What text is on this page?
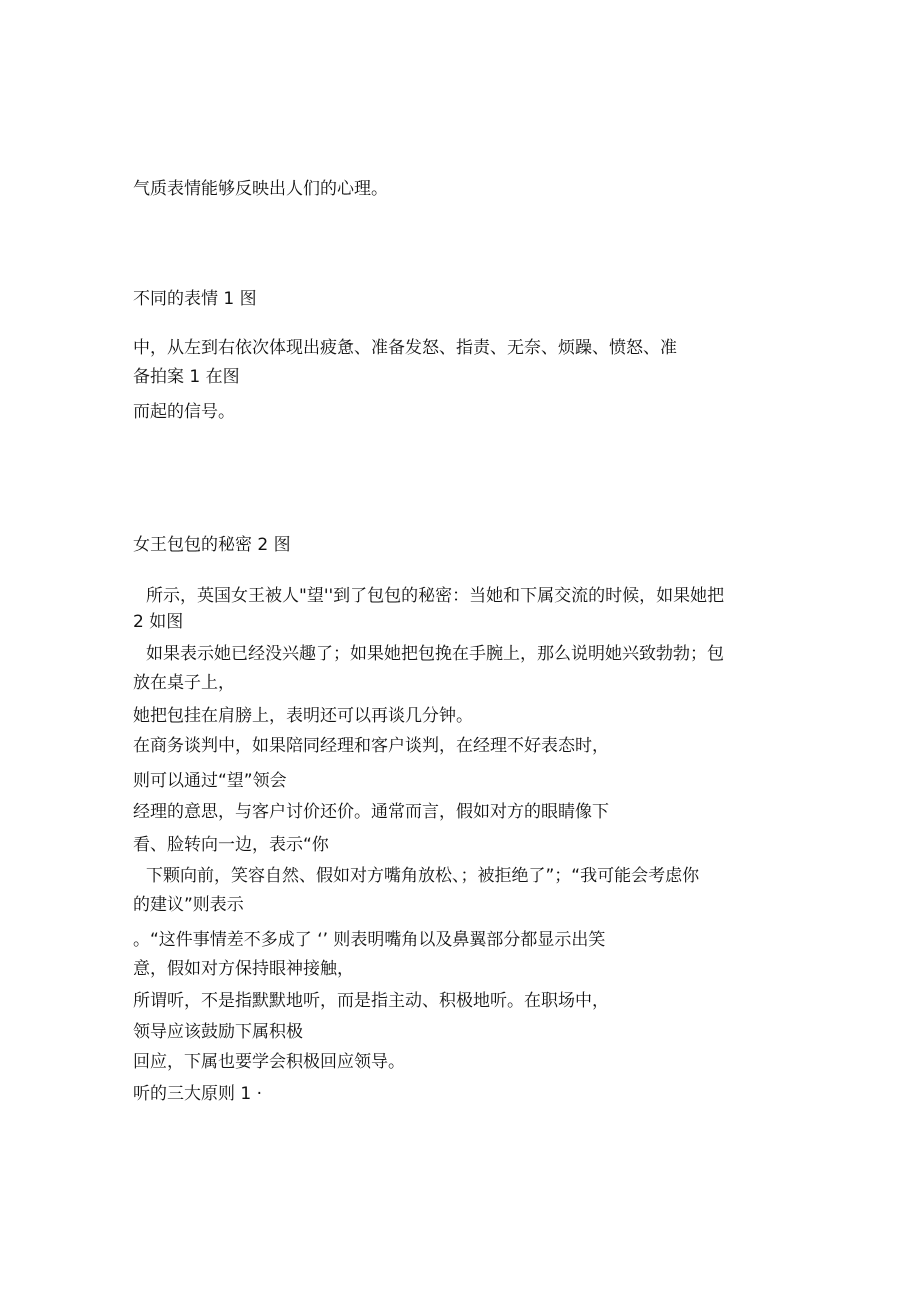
气质表情能够反映出人们的心理。

不同的表情 1 图

中，从左到右依次体现出疲惫、准备发怒、指责、无奈、烦躁、愤怒、准

备拍案 1 在图

而起的信号。

女王包包的秘密 2 图

所示，英国女王被人"望''到了包包的秘密：当她和下属交流的时候，如果她把

2 如图

如果表示她已经没兴趣了；如果她把包挽在手腕上，那么说明她兴致勃勃；包

放在桌子上，

她把包挂在肩膀上，表明还可以再谈几分钟。

在商务谈判中，如果陪同经理和客户谈判，在经理不好表态时，

则可以通过“望”领会

经理的意思，与客户讨价还价。通常而言，假如对方的眼睛像下

看、脸转向一边，表示“你

下颗向前，笑容自然、假如对方嘴角放松、；被拒绝了”；“我可能会考虑你

的建议”则表示

。“这件事情差不多成了 ‘’ 则表明嘴角以及鼻翼部分都显示出笑

意，假如对方保持眼神接触，

所谓听，不是指默默地听，而是指主动、积极地听。在职场中，

领导应该鼓励下属积极

回应，下属也要学会积极回应领导。

听的三大原则 1 ·
